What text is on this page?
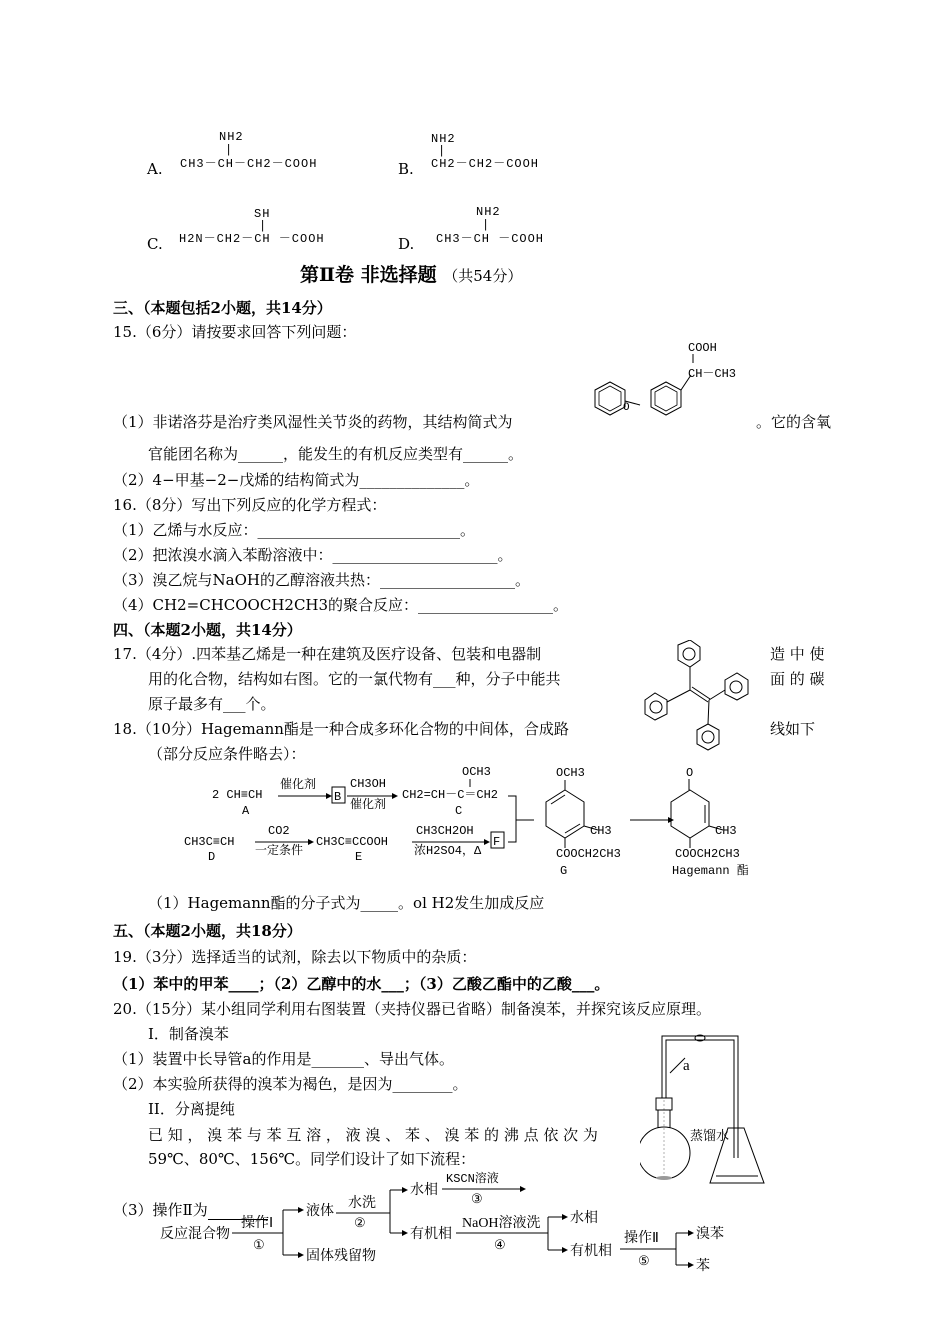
NH2
|
A. CH3－CH－CH2－COOH
NH2
|
B. CH2－CH2－COOH
SH
|
C. H2N－CH2－CH －COOH
NH2
|
D. CH3－CH －COOH
第Ⅱ卷 非选择题 （共54分）
三、（本题包括2小题，共14分）
15.（6分）请按要求回答下列问题：
O
COOH
CH－CH3
（1）非诺洛芬是治疗类风湿性关节炎的药物，其结构简式为	。它的含氧
官能团名称为______，能发生的有机反应类型有______。
（2）4−甲基−2−戊烯的结构简式为______________。
16.（8分）写出下列反应的化学方程式：
（1）乙烯与水反应：___________________________。
（2）把浓溴水滴入苯酚溶液中：______________________。
（3）溴乙烷与NaOH的乙醇溶液共热：__________________。
（4）CH2=CHCOOCH2CH3的聚合反应：__________________。
四、（本题2小题，共14分）
17.（4分）.四苯基乙烯是一种在建筑及医疗设备、包装和电器制	造 中 使
用的化合物，结构如右图。它的一氯代物有___种，分子中能共	面 的 碳
原子最多有___个。
18.（10分）Hagemann酯是一种合成多环化合物的中间体，合成路	线如下
（部分反应条件略去）：
2 CH≡CH
A
催化剂
B
CH3OH
催化剂
OCH3
CH2=CH－C＝CH2
C
CH3C≡CH
D
CO2
一定条件
CH3C≡CCOOH
E
CH3CH2OH
浓H2SO4，Δ
F
OCH3
CH3
COOCH2CH3
G
O
CH3
COOCH2CH3
Hagemann 酯
（1）Hagemann酯的分子式为_____。ol H2发生加成反应
五、（本题2小题，共18分）
19.（3分）选择适当的试剂，除去以下物质中的杂质：
（1）苯中的甲苯____；（2）乙醇中的水___；（3）乙酸乙酯中的乙酸___。
20.（15分）某小组同学利用右图装置（夹持仪器已省略）制备溴苯，并探究该反应原理。
I．制备溴苯
（1）装置中长导管a的作用是_______、导出气体。
（2）本实验所获得的溴苯为褐色，是因为________。
II．分离提纯
已 知 ， 溴 苯 与 苯 互 溶 ， 液 溴 、 苯 、 溴 苯 的 沸 点 依 次 为
59℃、80℃、156℃。同学们设计了如下流程：
a
蒸馏水
（3）操作Ⅱ为
反应混合物
操作Ⅰ
①
液体
固体残留物
水洗
②
水相
KSCN溶液
③
有机相
NaOH溶液洗
④
水相
有机相
操作Ⅱ
⑤
溴苯
苯
